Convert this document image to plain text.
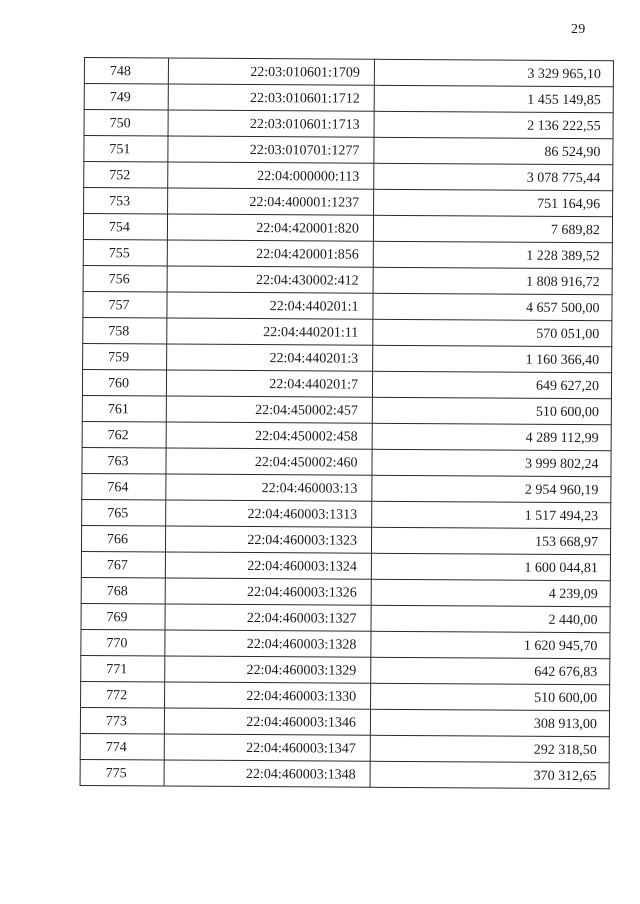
29
748	22:03:010601:1709	3 329 965,10
749	22:03:010601:1712	1 455 149,85
750	22:03:010601:1713	2 136 222,55
751	22:03:010701:1277	86 524,90
752	22:04:000000:113	3 078 775,44
753	22:04:400001:1237	751 164,96
754	22:04:420001:820	7 689,82
755	22:04:420001:856	1 228 389,52
756	22:04:430002:412	1 808 916,72
757	22:04:440201:1	4 657 500,00
758	22:04:440201:11	570 051,00
759	22:04:440201:3	1 160 366,40
760	22:04:440201:7	649 627,20
761	22:04:450002:457	510 600,00
762	22:04:450002:458	4 289 112,99
763	22:04:450002:460	3 999 802,24
764	22:04:460003:13	2 954 960,19
765	22:04:460003:1313	1 517 494,23
766	22:04:460003:1323	153 668,97
767	22:04:460003:1324	1 600 044,81
768	22:04:460003:1326	4 239,09
769	22:04:460003:1327	2 440,00
770	22:04:460003:1328	1 620 945,70
771	22:04:460003:1329	642 676,83
772	22:04:460003:1330	510 600,00
773	22:04:460003:1346	308 913,00
774	22:04:460003:1347	292 318,50
775	22:04:460003:1348	370 312,65
